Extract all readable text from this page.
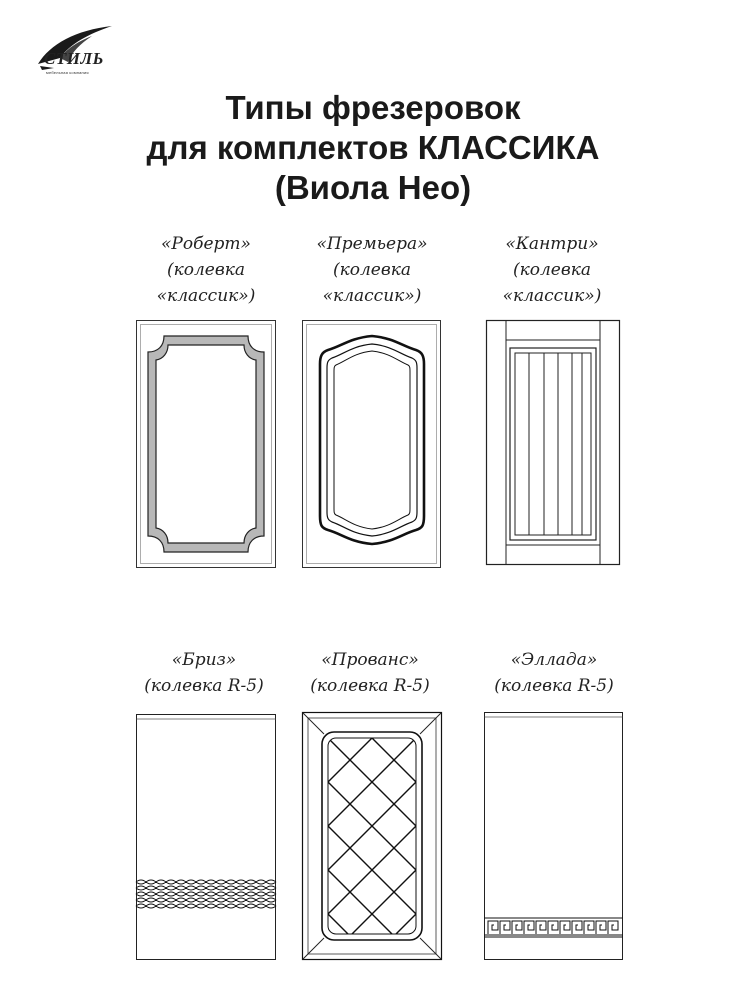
СТИЛЬ
мебельная компания
Типы фрезеровок
для комплектов КЛАССИКА
(Виола Нео)
«Роберт»
(колевка
«классик»)
«Премьера»
(колевка
«классик»)
«Кантри»
(колевка
«классик»)
«Бриз»
(колевка R-5)
«Прованс»
(колевка R-5)
«Эллада»
(колевка R-5)
